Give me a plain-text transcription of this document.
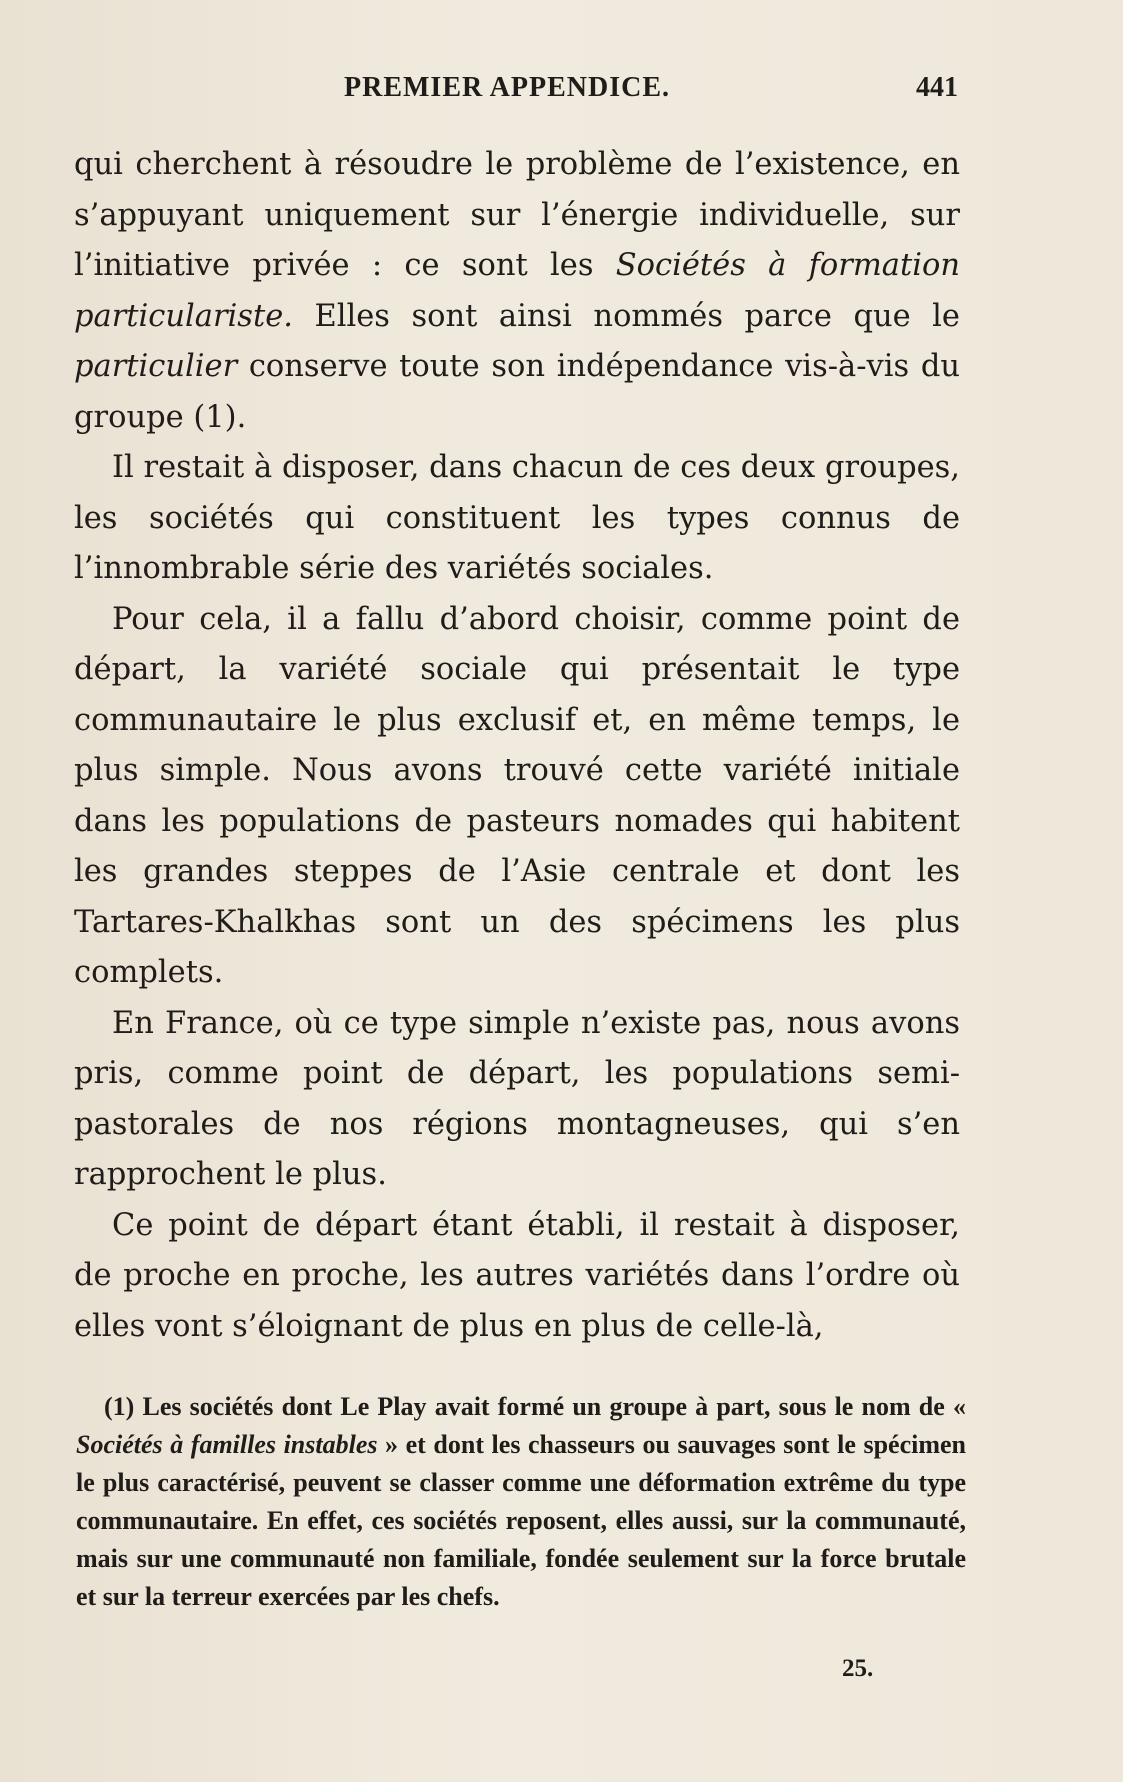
PREMIER APPENDICE.	441

qui cherchent à résoudre le problème de l’existence, en s’appuyant uniquement sur l’énergie individuelle, sur l’initiative privée : ce sont les Sociétés à formation particulariste. Elles sont ainsi nommés parce que le particulier conserve toute son indépendance vis-à-vis du groupe (1).

Il restait à disposer, dans chacun de ces deux groupes, les sociétés qui constituent les types connus de l’innombrable série des variétés sociales.

Pour cela, il a fallu d’abord choisir, comme point de départ, la variété sociale qui présentait le type communautaire le plus exclusif et, en même temps, le plus simple. Nous avons trouvé cette variété initiale dans les populations de pasteurs nomades qui habitent les grandes steppes de l’Asie centrale et dont les Tartares-Khalkhas sont un des spécimens les plus complets.

En France, où ce type simple n’existe pas, nous avons pris, comme point de départ, les populations semi-pastorales de nos régions montagneuses, qui s’en rapprochent le plus.

Ce point de départ étant établi, il restait à disposer, de proche en proche, les autres variétés dans l’ordre où elles vont s’éloignant de plus en plus de celle-là,

(1) Les sociétés dont Le Play avait formé un groupe à part, sous le nom de « Sociétés à familles instables » et dont les chasseurs ou sauvages sont le spécimen le plus caractérisé, peuvent se classer comme une déformation extrême du type communautaire. En effet, ces sociétés reposent, elles aussi, sur la communauté, mais sur une communauté non familiale, fondée seulement sur la force brutale et sur la terreur exercées par les chefs.

25.
